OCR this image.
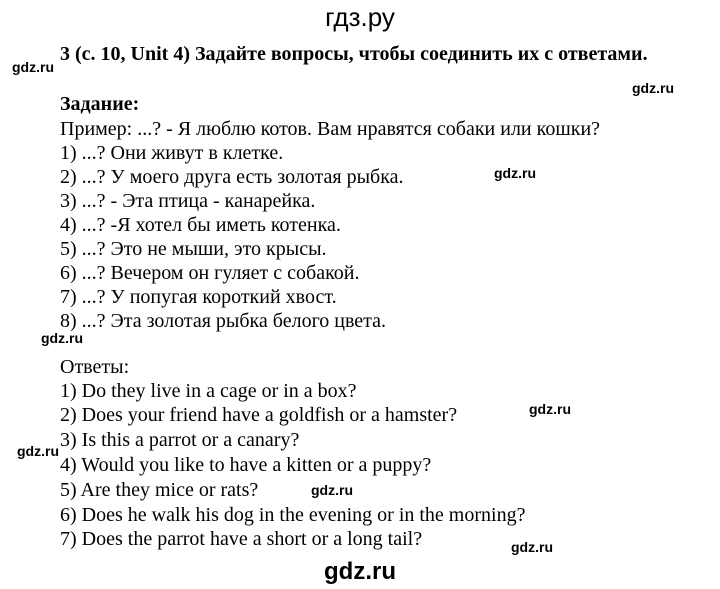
гдз.ру

3 (с. 10, Unit 4) Задайте вопросы, чтобы соединить их с ответами.

Задание:

Пример: ...? - Я люблю котов. Вам нравятся собаки или кошки?

1) ...? Они живут в клетке.

2) ...? У моего друга есть золотая рыбка.

3) ...? - Эта птица - канарейка.

4) ...? -Я хотел бы иметь котенка.

5) ...? Это не мыши, это крысы.

6) ...? Вечером он гуляет с собакой.

7) ...? У попугая короткий хвост.

8) ...? Эта золотая рыбка белого цвета.

Ответы:

1) Do they live in a cage or in a box?

2) Does your friend have a goldfish or a hamster?

3) Is this a parrot or a canary?

4) Would you like to have a kitten or a puppy?

5) Are they mice or rats?

6) Does he walk his dog in the evening or in the morning?

7) Does the parrot have a short or a long tail?

gdz.ru
gdz.ru
gdz.ru
gdz.ru
gdz.ru
gdz.ru
gdz.ru
gdz.ru
gdz.ru
